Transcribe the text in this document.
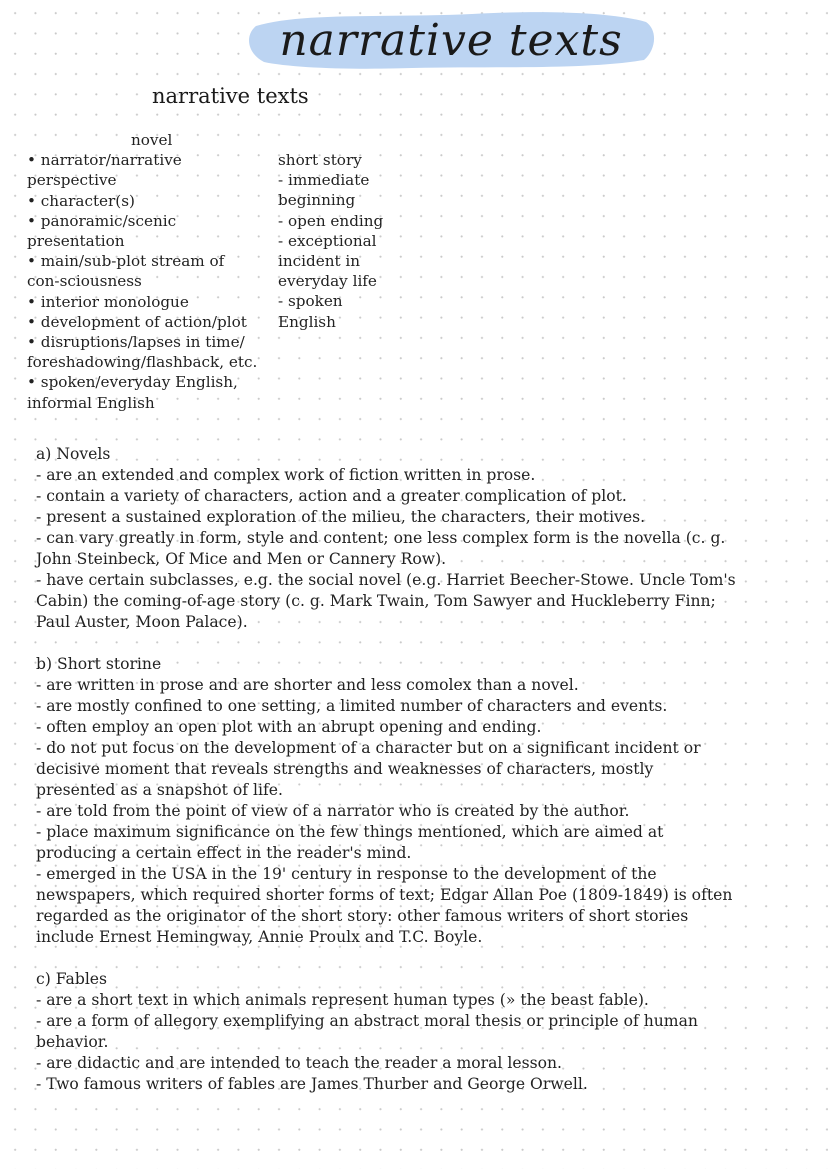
narrative texts
narrative texts
novel
• narrator/narrative
perspective
• character(s)
• panoramic/scenic
presentation
• main/sub-plot stream of
con-sciousness
• interior monologue
• development of action/plot
• disruptions/lapses in time/
foreshadowing/flashback, etc.
• spoken/everyday English,
informal English
short story
- immediate
beginning
- open ending
- exceptional
incident in
everyday life
- spoken
English
a) Novels
- are an extended and complex work of fiction written in prose.
- contain a variety of characters, action and a greater complication of plot.
- present a sustained exploration of the milieu, the characters, their motives.
- can vary greatly in form, style and content; one less complex form is the novella (c. g.
John Steinbeck, Of Mice and Men or Cannery Row).
- have certain subclasses, e.g. the social novel (e.g. Harriet Beecher-Stowe. Uncle Tom's
Cabin) the coming-of-age story (c. g. Mark Twain, Tom Sawyer and Huckleberry Finn;
Paul Auster, Moon Palace).
b) Short storine
- are written in prose and are shorter and less comolex than a novel.
- are mostly confined to one setting, a limited number of characters and events.
- often employ an open plot with an abrupt opening and ending.
- do not put focus on the development of a character but on a significant incident or
decisive moment that reveals strengths and weaknesses of characters, mostly
presented as a snapshot of life.
- are told from the point of view of a narrator who is created by the author.
- place maximum significance on the few things mentioned, which are aimed at
producing a certain effect in the reader's mind.
- emerged in the USA in the 19' century in response to the development of the
newspapers, which required shorter forms of text; Edgar Allan Poe (1809-1849) is often
regarded as the originator of the short story: other famous writers of short stories
include Ernest Hemingway, Annie Proulx and T.C. Boyle.
c) Fables
- are a short text in which animals represent human types (» the beast fable).
- are a form of allegory exemplifying an abstract moral thesis or principle of human
behavior.
- are didactic and are intended to teach the reader a moral lesson.
- Two famous writers of fables are James Thurber and George Orwell.
